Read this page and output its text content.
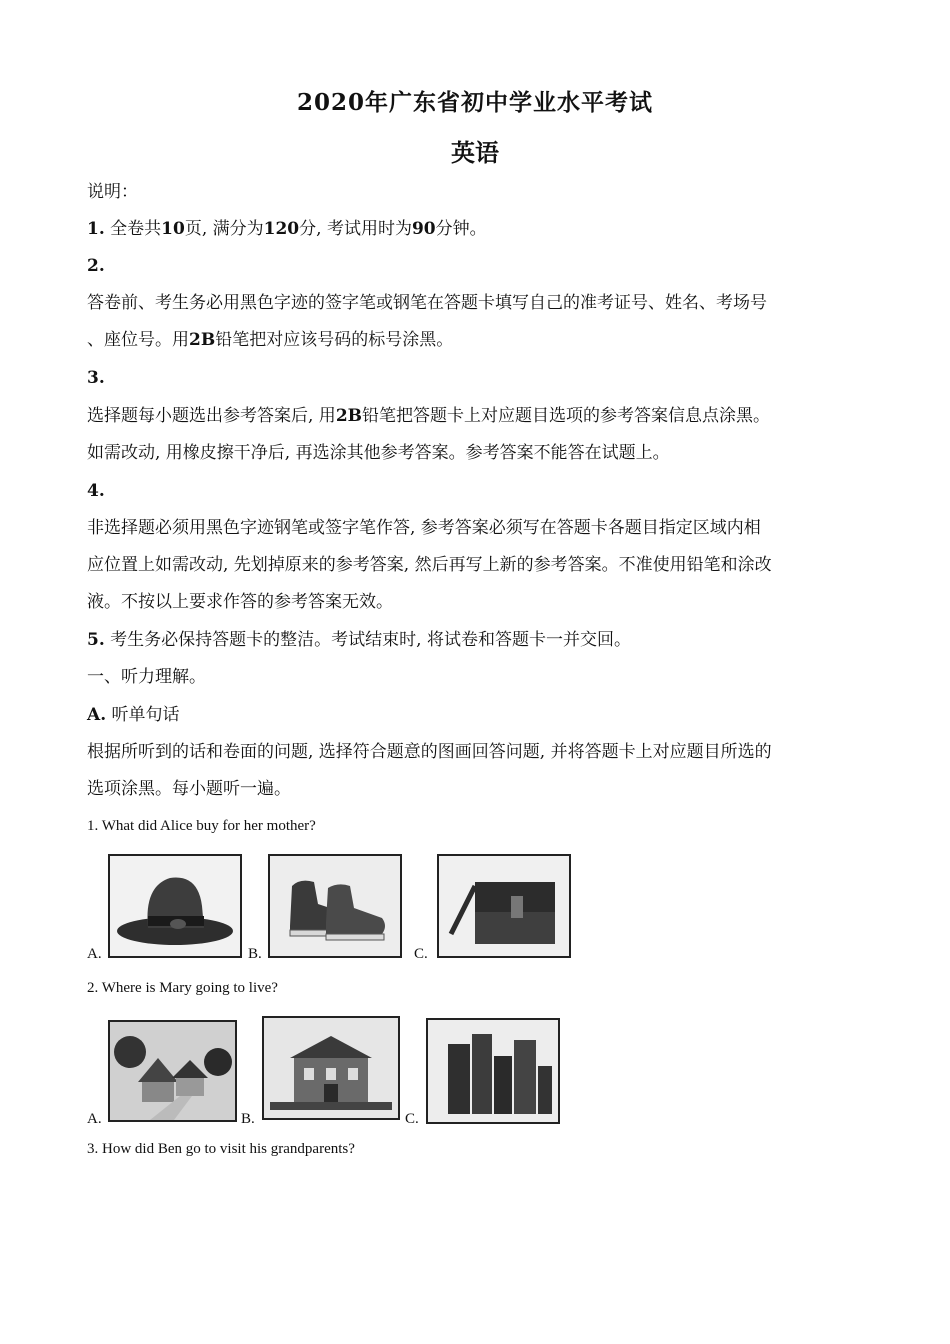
2020年广东省初中学业水平考试
英语
说明：
1. 全卷共10页, 满分为120分, 考试用时为90分钟。
2.
答卷前、考生务必用黑色字迹的签字笔或钢笔在答题卡填写自己的准考证号、姓名、考场号
、座位号。用2B铅笔把对应该号码的标号涂黑。
3.
选择题每小题选出参考答案后, 用2B铅笔把答题卡上对应题目选项的参考答案信息点涂黑。
如需改动, 用橡皮擦干净后, 再选涂其他参考答案。参考答案不能答在试题上。
4.
非选择题必须用黑色字迹钢笔或签字笔作答, 参考答案必须写在答题卡各题目指定区域内相
应位置上如需改动, 先划掉原来的参考答案, 然后再写上新的参考答案。不准使用铅笔和涂改
液。不按以上要求作答的参考答案无效。
5. 考生务必保持答题卡的整洁。考试结束时, 将试卷和答题卡一并交回。
一、听力理解。
A. 听单句话
根据所听到的话和卷面的问题, 选择符合题意的图画回答问题, 并将答题卡上对应题目所选的
选项涂黑。每小题听一遍。
1. What did Alice buy for her mother?
A.	B.	C.
2. Where is Mary going to live?
A.	B.	C.
3. How did Ben go to visit his grandparents?
